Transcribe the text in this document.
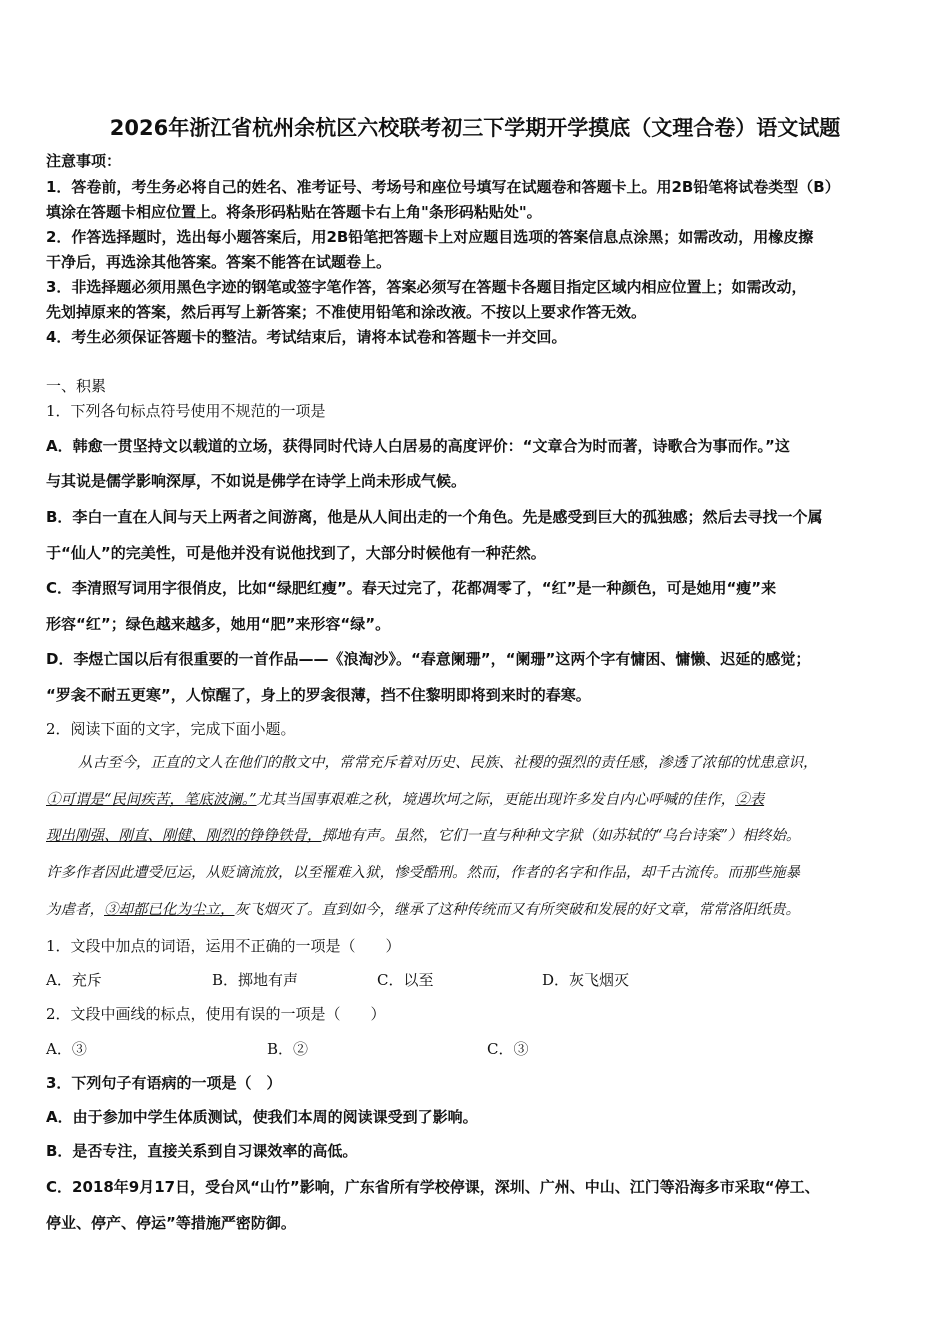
2026年浙江省杭州余杭区六校联考初三下学期开学摸底（文理合卷）语文试题
注意事项：
1．答卷前，考生务必将自己的姓名、准考证号、考场号和座位号填写在试题卷和答题卡上。用2B铅笔将试卷类型（B）
填涂在答题卡相应位置上。将条形码粘贴在答题卡右上角"条形码粘贴处"。
2．作答选择题时，选出每小题答案后，用2B铅笔把答题卡上对应题目选项的答案信息点涂黑；如需改动，用橡皮擦
干净后，再选涂其他答案。答案不能答在试题卷上。
3．非选择题必须用黑色字迹的钢笔或签字笔作答，答案必须写在答题卡各题目指定区域内相应位置上；如需改动，
先划掉原来的答案，然后再写上新答案；不准使用铅笔和涂改液。不按以上要求作答无效。
4．考生必须保证答题卡的整洁。考试结束后，请将本试卷和答题卡一并交回。
一、积累
1．下列各句标点符号使用不规范的一项是
A．韩愈一贯坚持文以载道的立场，获得同时代诗人白居易的高度评价：“文章合为时而著，诗歌合为事而作。”这
与其说是儒学影响深厚，不如说是佛学在诗学上尚未形成气候。
B．李白一直在人间与天上两者之间游离，他是从人间出走的一个角色。先是感受到巨大的孤独感；然后去寻找一个属
于“仙人”的完美性，可是他并没有说他找到了，大部分时候他有一种茫然。
C．李清照写词用字很俏皮，比如“绿肥红瘦”。春天过完了，花都凋零了，“红”是一种颜色，可是她用“瘦”来
形容“红”；绿色越来越多，她用“肥”来形容“绿”。
D．李煜亡国以后有很重要的一首作品——《浪淘沙》。“春意阑珊”，“阑珊”这两个字有慵困、慵懒、迟延的感觉；
“罗衾不耐五更寒”，人惊醒了，身上的罗衾很薄，挡不住黎明即将到来时的春寒。
2．阅读下面的文字，完成下面小题。
从古至今，正直的文人在他们的散文中，常常充斥着对历史、民族、社稷的强烈的责任感，渗透了浓郁的忧患意识，
①可谓是“民间疾苦，笔底波澜。”尤其当国事艰难之秋，境遇坎坷之际，更能出现许多发自内心呼喊的佳作，②表
现出刚强、刚直、刚健、刚烈的铮铮铁骨，掷地有声。虽然，它们一直与种种文字狱（如苏轼的“乌台诗案”）相终始。
许多作者因此遭受厄运，从贬谪流放，以至罹难入狱，惨受酷刑。然而，作者的名字和作品，却千古流传。而那些施暴
为虐者，③却都已化为尘立，灰飞烟灭了。直到如今，继承了这种传统而又有所突破和发展的好文章，常常洛阳纸贵。
1．文段中加点的词语，运用不正确的一项是（　　）
A．充斥	B．掷地有声	C．以至	D．灰飞烟灭
2．文段中画线的标点，使用有误的一项是（　　）
A．③	B．②	C．③
3．下列句子有语病的一项是（　）
A．由于参加中学生体质测试，使我们本周的阅读课受到了影响。
B．是否专注，直接关系到自习课效率的高低。
C．2018年9月17日，受台风“山竹”影响，广东省所有学校停课，深圳、广州、中山、江门等沿海多市采取“停工、
停业、停产、停运”等措施严密防御。
